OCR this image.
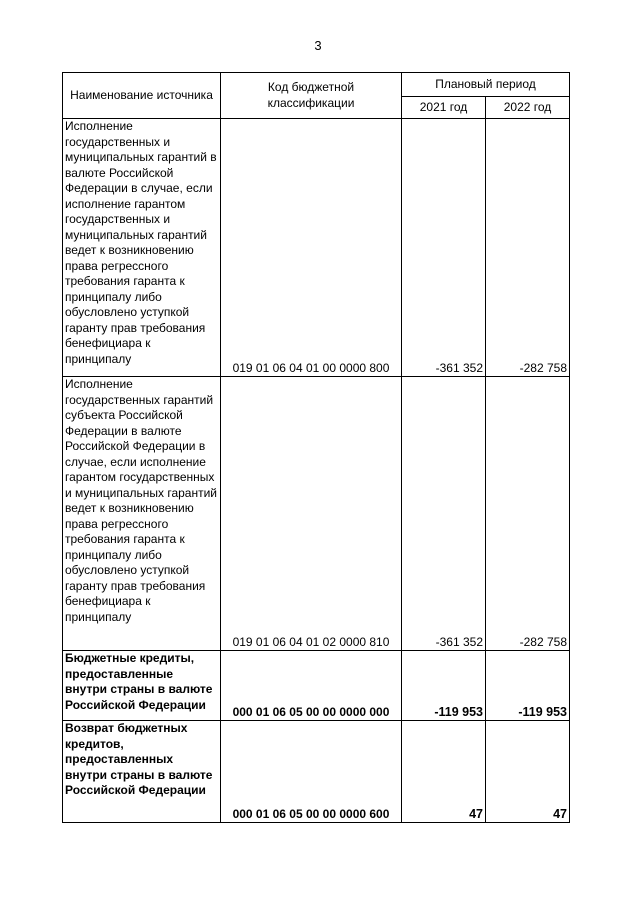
3
Наименование источника	Код бюджетной классификации	Плановый период	
		2021 год	2022 год
Исполнение государственных и муниципальных гарантий в валюте Российской Федерации в случае, если исполнение гарантом государственных и муниципальных гарантий ведет к возникновению права регрессного требования гаранта к принципалу либо обусловлено уступкой гаранту прав требования бенефициара к принципалу	019 01 06 04 01 00 0000 800	-361 352	-282 758
Исполнение государственных гарантий субъекта Российской Федерации в валюте Российской Федерации в случае, если исполнение гарантом государственных и муниципальных гарантий ведет к возникновению права регрессного требования гаранта к принципалу либо обусловлено уступкой гаранту прав требования бенефициара к принципалу	019 01 06 04 01 02 0000 810	-361 352	-282 758
Бюджетные кредиты, предоставленные внутри страны в валюте Российской Федерации	000 01 06 05 00 00 0000 000	-119 953	-119 953
Возврат бюджетных кредитов, предоставленных внутри страны в валюте Российской Федерации	000 01 06 05 00 00 0000 600	47	47
